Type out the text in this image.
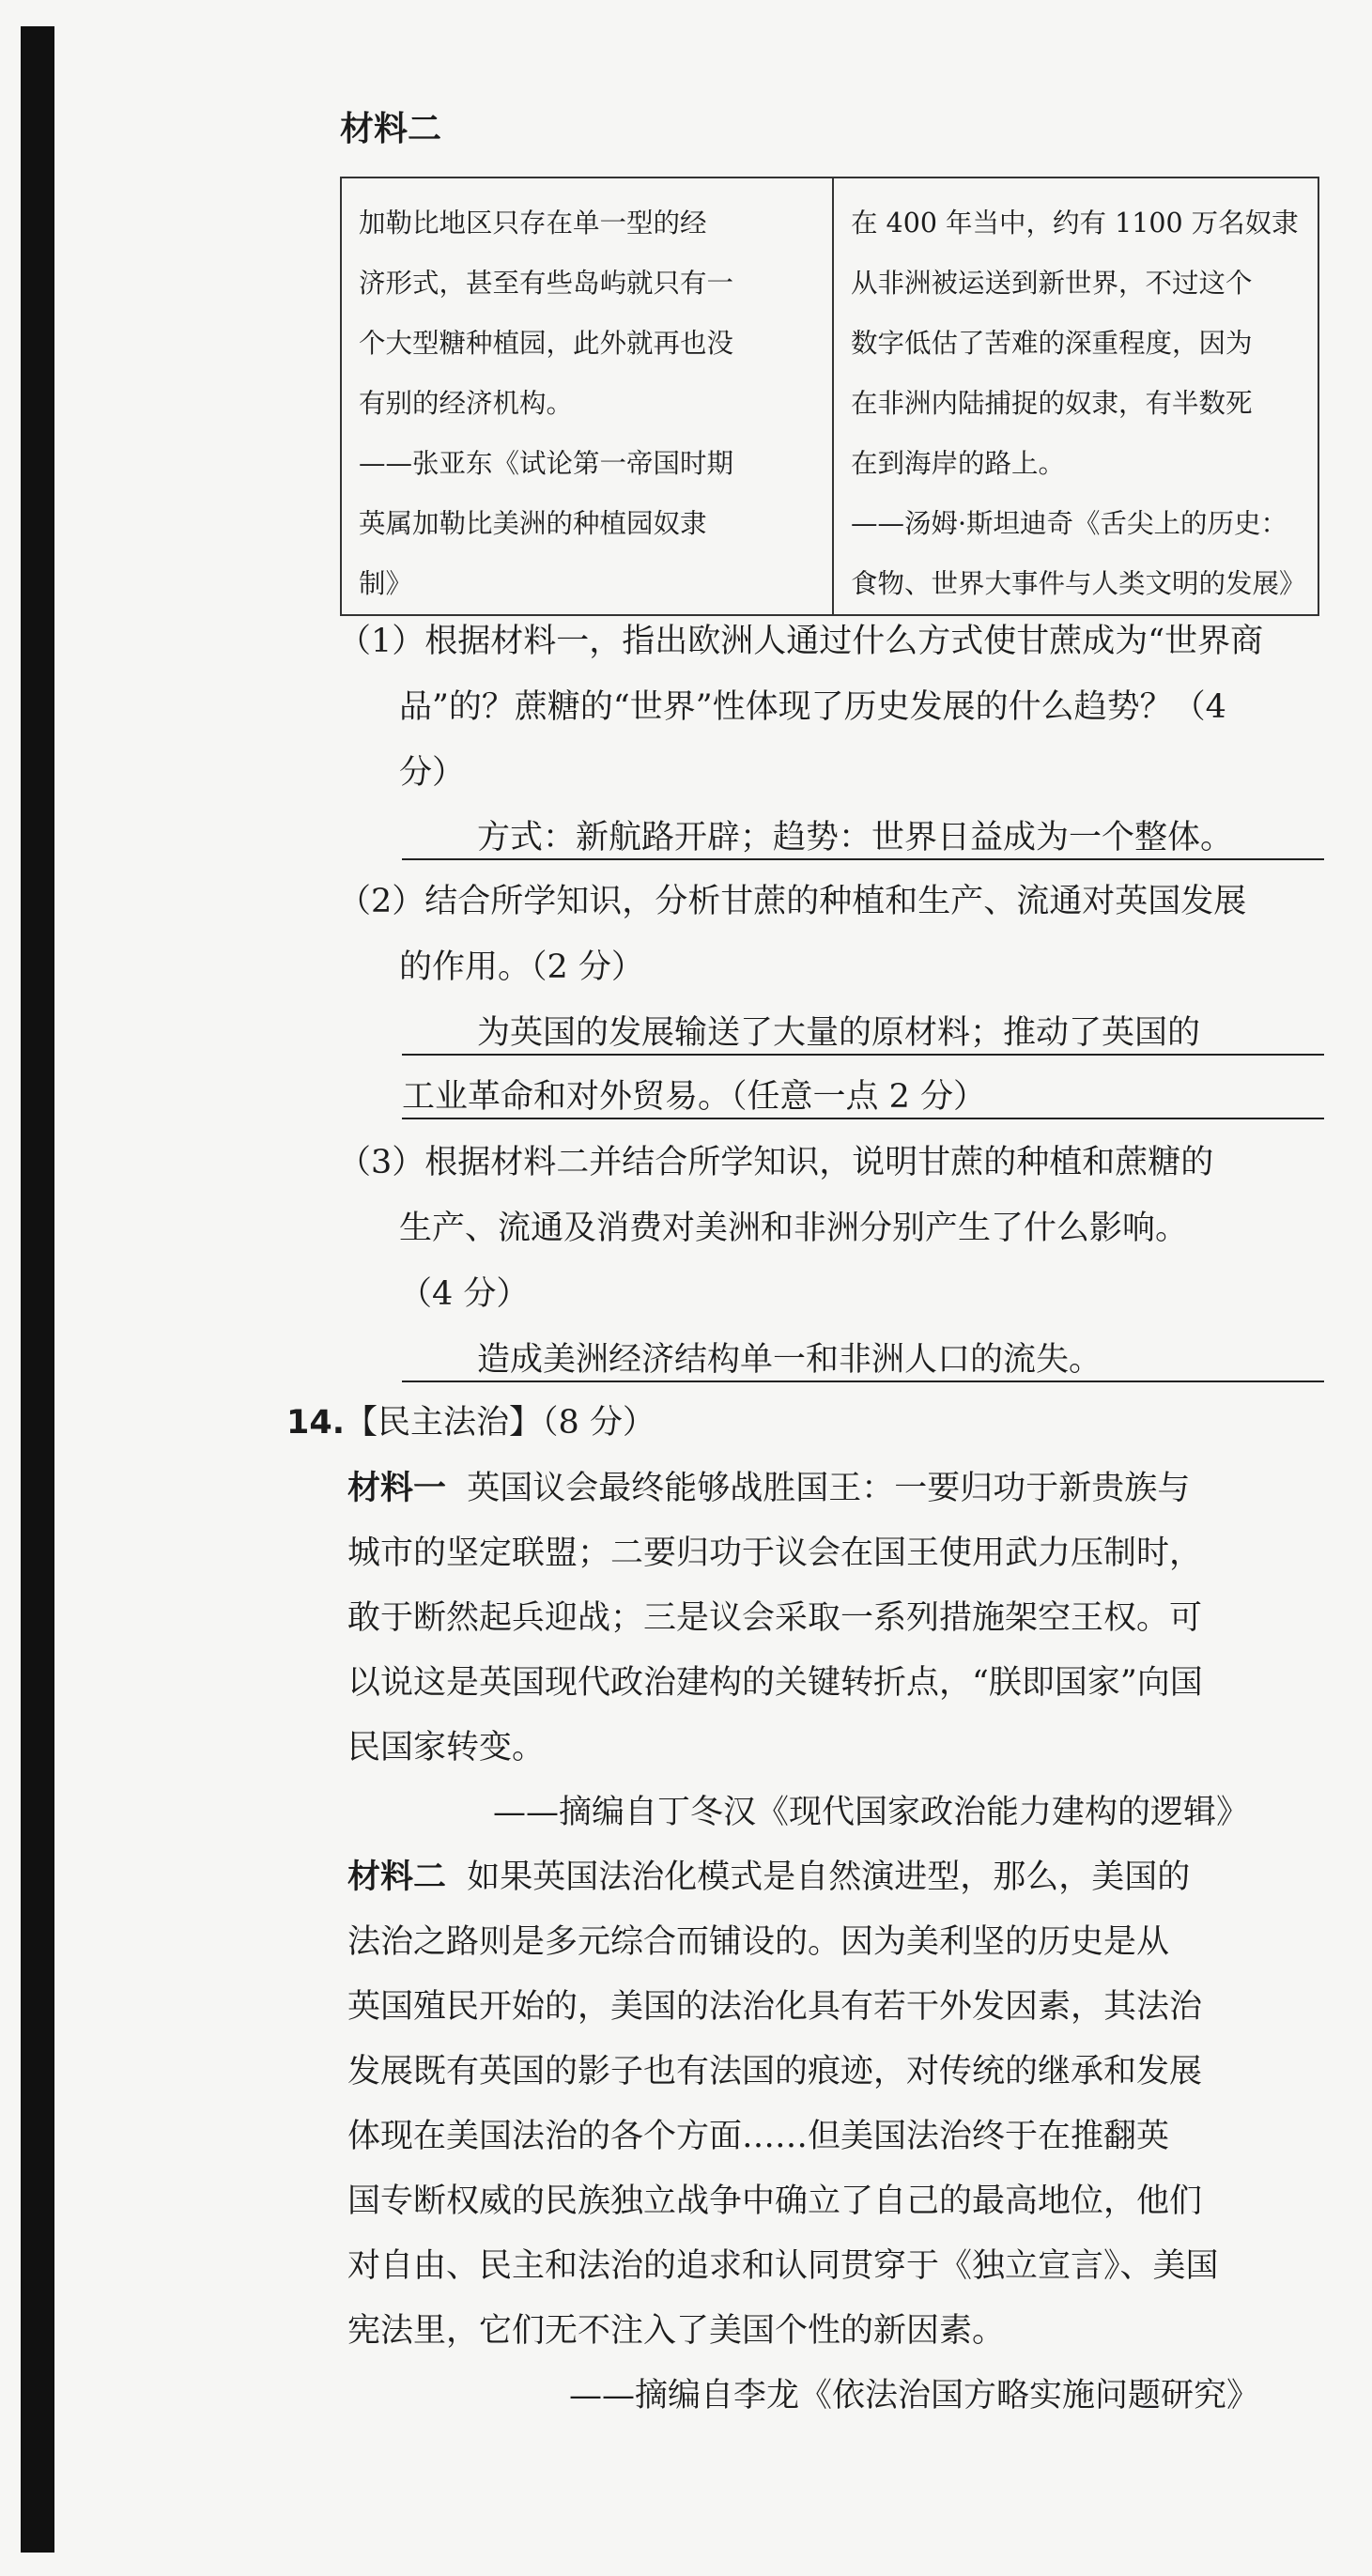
材料二
加勒比地区只存在单一型的经
济形式，甚至有些岛屿就只有一
个大型糖种植园，此外就再也没
有别的经济机构。
——张亚东《试论第一帝国时期
英属加勒比美洲的种植园奴隶
制》

在 400 年当中，约有 1100 万名奴隶
从非洲被运送到新世界，不过这个
数字低估了苦难的深重程度，因为
在非洲内陆捕捉的奴隶，有半数死
在到海岸的路上。
——汤姆·斯坦迪奇《舌尖上的历史：
食物、世界大事件与人类文明的发展》
（1）根据材料一，指出欧洲人通过什么方式使甘蔗成为“世界商
品”的？蔗糖的“世界”性体现了历史发展的什么趋势？（4
分）
方式：新航路开辟；趋势：世界日益成为一个整体。
（2）结合所学知识，分析甘蔗的种植和生产、流通对英国发展
的作用。（2 分）
为英国的发展输送了大量的原材料；推动了英国的
工业革命和对外贸易。（任意一点 2 分）
（3）根据材料二并结合所学知识，说明甘蔗的种植和蔗糖的
生产、流通及消费对美洲和非洲分别产生了什么影响。
（4 分）
造成美洲经济结构单一和非洲人口的流失。
14.【民主法治】（8 分）
材料一 英国议会最终能够战胜国王：一要归功于新贵族与
城市的坚定联盟；二要归功于议会在国王使用武力压制时，
敢于断然起兵迎战；三是议会采取一系列措施架空王权。可
以说这是英国现代政治建构的关键转折点，“朕即国家”向国
民国家转变。
——摘编自丁冬汉《现代国家政治能力建构的逻辑》
材料二 如果英国法治化模式是自然演进型，那么，美国的
法治之路则是多元综合而铺设的。因为美利坚的历史是从
英国殖民开始的，美国的法治化具有若干外发因素，其法治
发展既有英国的影子也有法国的痕迹，对传统的继承和发展
体现在美国法治的各个方面……但美国法治终于在推翻英
国专断权威的民族独立战争中确立了自己的最高地位，他们
对自由、民主和法治的追求和认同贯穿于《独立宣言》、美国
宪法里，它们无不注入了美国个性的新因素。
——摘编自李龙《依法治国方略实施问题研究》
